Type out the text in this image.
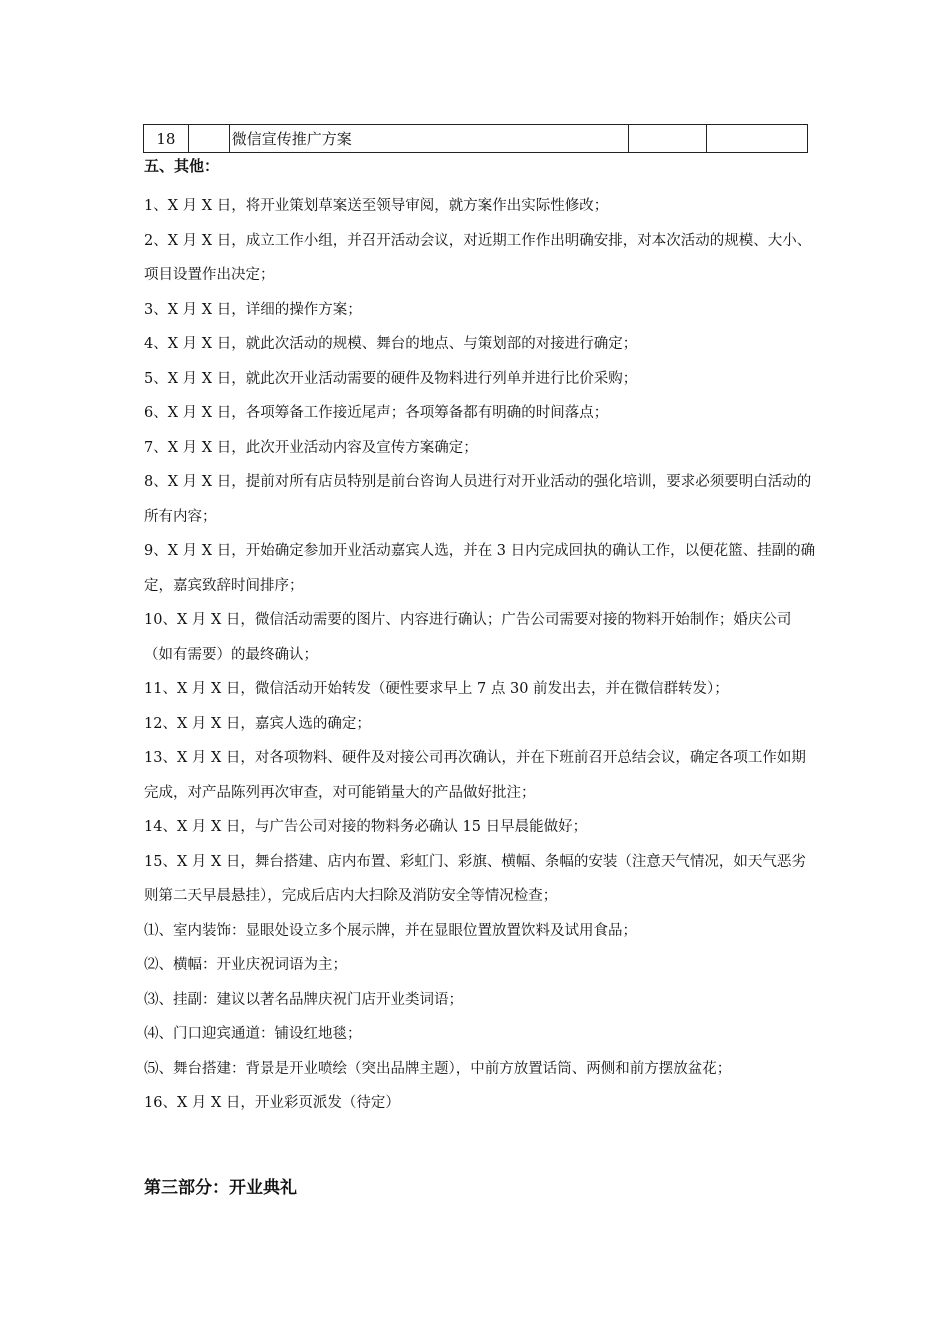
18		微信宣传推广方案		
五、其他：

1、X 月 X 日，将开业策划草案送至领导审阅，就方案作出实际性修改；

2、X 月 X 日，成立工作小组，并召开活动会议，对近期工作作出明确安排，对本次活动的规模、大小、项目设置作出决定；

3、X 月 X 日，详细的操作方案；

4、X 月 X 日，就此次活动的规模、舞台的地点、与策划部的对接进行确定；

5、X 月 X 日，就此次开业活动需要的硬件及物料进行列单并进行比价采购；

6、X 月 X 日，各项筹备工作接近尾声；各项筹备都有明确的时间落点；

7、X 月 X 日，此次开业活动内容及宣传方案确定；

8、X 月 X 日，提前对所有店员特别是前台咨询人员进行对开业活动的强化培训，要求必须要明白活动的所有内容；

9、X 月 X 日，开始确定参加开业活动嘉宾人选，并在 3 日内完成回执的确认工作，以便花篮、挂副的确定，嘉宾致辞时间排序；

10、X 月 X 日，微信活动需要的图片、内容进行确认；广告公司需要对接的物料开始制作；婚庆公司（如有需要）的最终确认；

11、X 月 X 日，微信活动开始转发（硬性要求早上 7 点 30 前发出去，并在微信群转发）；

12、X 月 X 日，嘉宾人选的确定；

13、X 月 X 日，对各项物料、硬件及对接公司再次确认，并在下班前召开总结会议，确定各项工作如期完成，对产品陈列再次审查，对可能销量大的产品做好批注；

14、X 月 X 日，与广告公司对接的物料务必确认 15 日早晨能做好；

15、X 月 X 日，舞台搭建、店内布置、彩虹门、彩旗、横幅、条幅的安装（注意天气情况，如天气恶劣则第二天早晨悬挂），完成后店内大扫除及消防安全等情况检查；

⑴、室内装饰：显眼处设立多个展示牌，并在显眼位置放置饮料及试用食品；

⑵、横幅：开业庆祝词语为主；

⑶、挂副：建议以著名品牌庆祝门店开业类词语；

⑷、门口迎宾通道：铺设红地毯；

⑸、舞台搭建：背景是开业喷绘（突出品牌主题），中前方放置话筒、两侧和前方摆放盆花；

16、X 月 X 日，开业彩页派发（待定）

第三部分：开业典礼
